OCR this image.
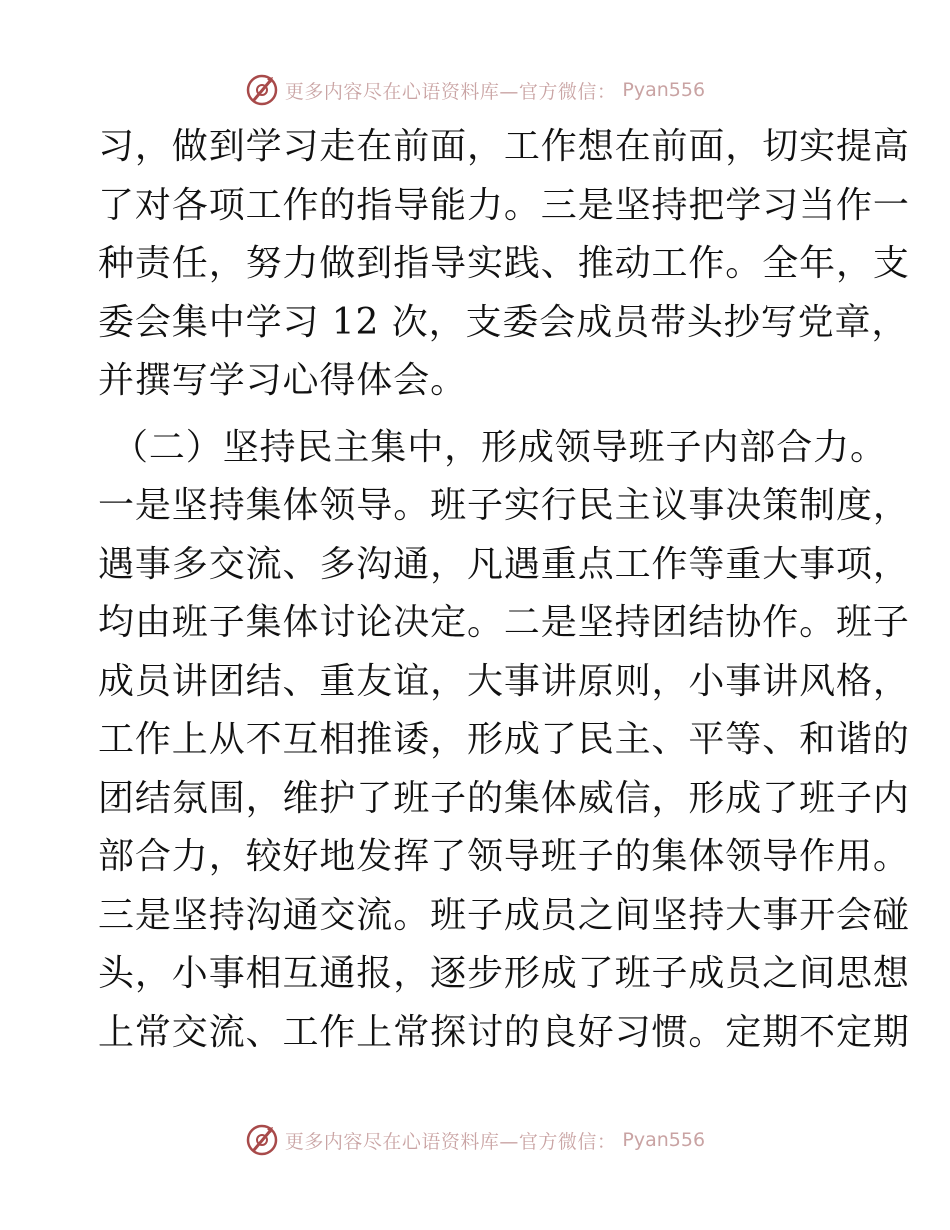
更多内容尽在心语资料库—官方微信： Pyan556
习，做到学习走在前面，工作想在前面，切实提高
了对各项工作的指导能力。三是坚持把学习当作一
种责任，努力做到指导实践、推动工作。全年，支
委会集中学习 12 次，支委会成员带头抄写党章，
并撰写学习心得体会。
（二）坚持民主集中，形成领导班子内部合力。
一是坚持集体领导。班子实行民主议事决策制度，
遇事多交流、多沟通，凡遇重点工作等重大事项，
均由班子集体讨论决定。二是坚持团结协作。班子
成员讲团结、重友谊，大事讲原则，小事讲风格，
工作上从不互相推诿，形成了民主、平等、和谐的
团结氛围，维护了班子的集体威信，形成了班子内
部合力，较好地发挥了领导班子的集体领导作用。
三是坚持沟通交流。班子成员之间坚持大事开会碰
头，小事相互通报，逐步形成了班子成员之间思想
上常交流、工作上常探讨的良好习惯。定期不定期
更多内容尽在心语资料库—官方微信： Pyan556
